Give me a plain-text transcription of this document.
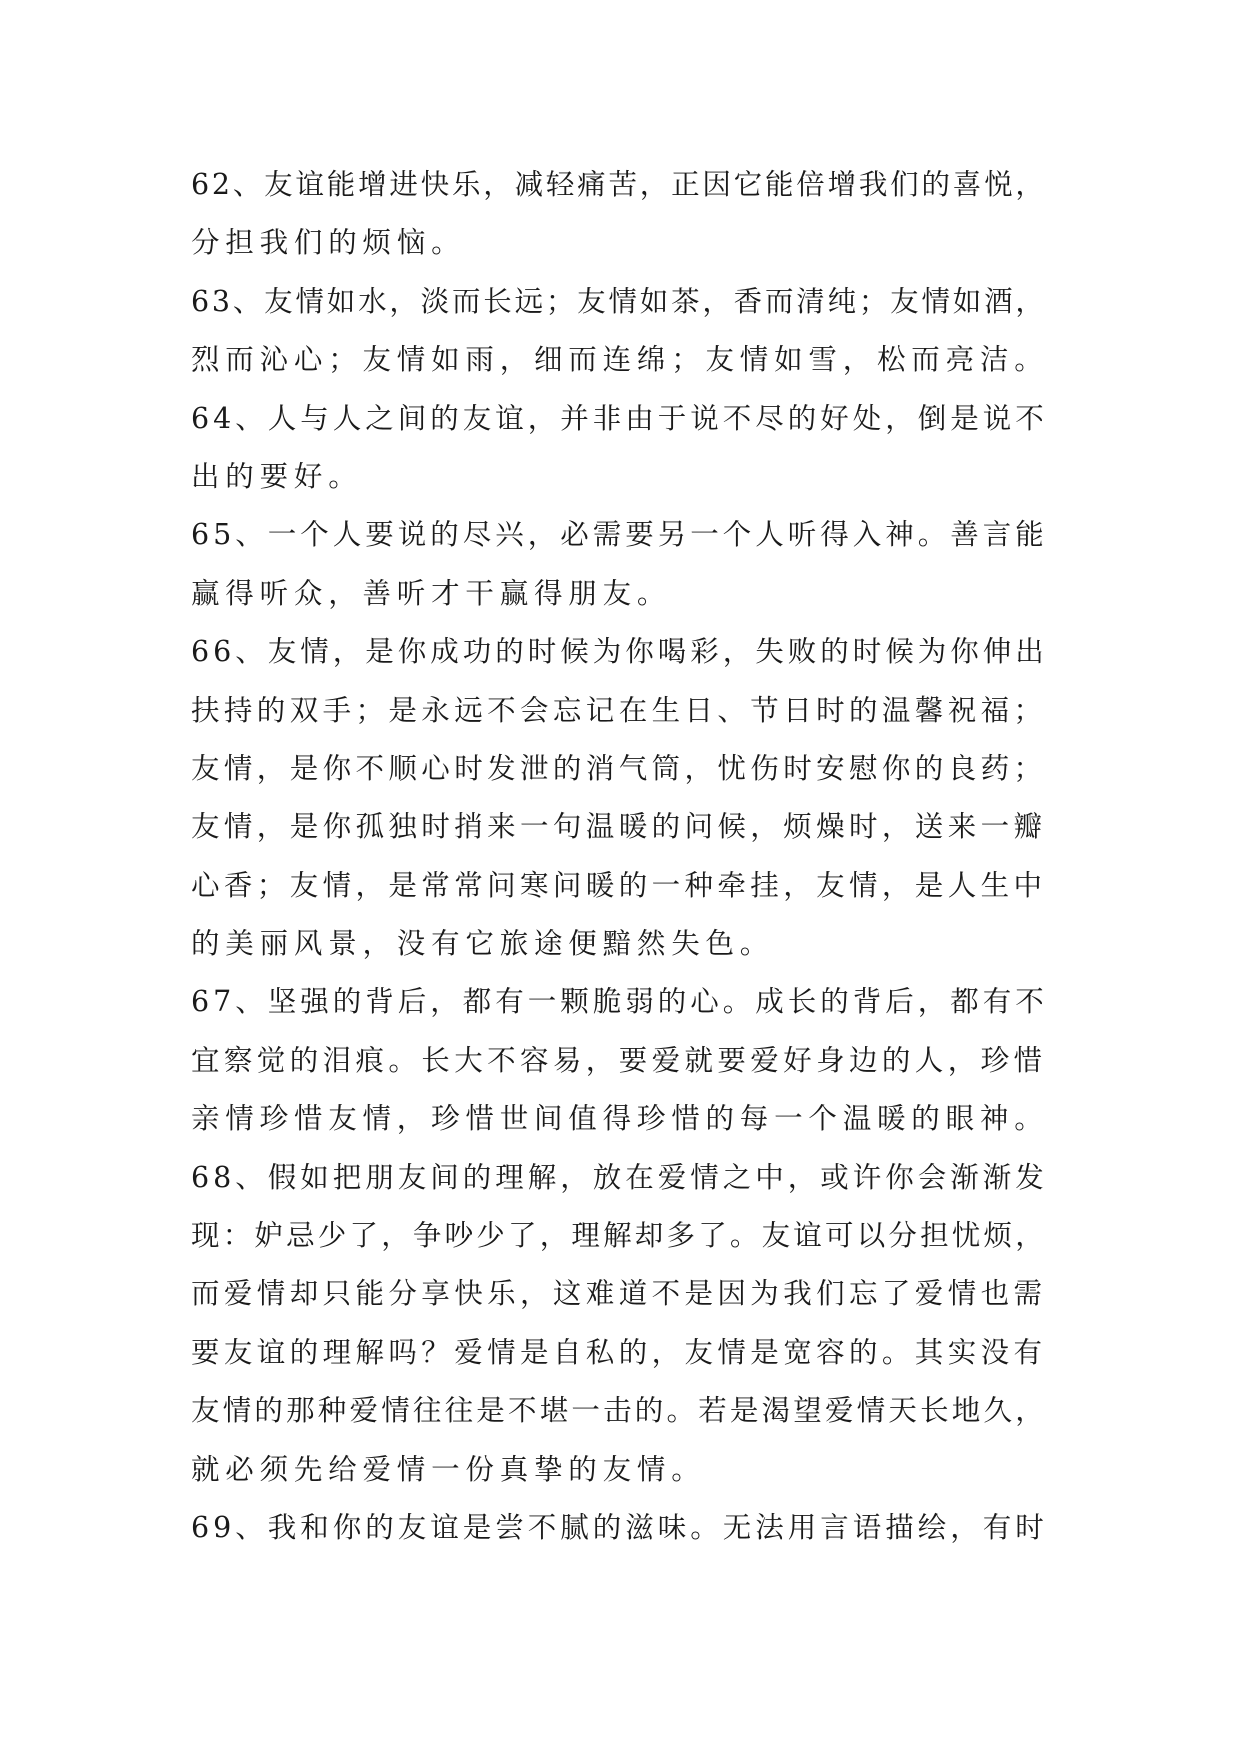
62、友谊能增进快乐，减轻痛苦，正因它能倍增我们的喜悦，
分担我们的烦恼。
63、友情如水，淡而长远；友情如茶，香而清纯；友情如酒，
烈而沁心；友情如雨，细而连绵；友情如雪，松而亮洁。
64、人与人之间的友谊，并非由于说不尽的好处，倒是说不
出的要好。
65、一个人要说的尽兴，必需要另一个人听得入神。善言能
赢得听众，善听才干赢得朋友。
66、友情，是你成功的时候为你喝彩，失败的时候为你伸出
扶持的双手；是永远不会忘记在生日、节日时的温馨祝福；
友情，是你不顺心时发泄的消气筒，忧伤时安慰你的良药；
友情，是你孤独时捎来一句温暖的问候，烦燥时，送来一瓣
心香；友情，是常常问寒问暖的一种牵挂，友情，是人生中
的美丽风景，没有它旅途便黯然失色。
67、坚强的背后，都有一颗脆弱的心。成长的背后，都有不
宜察觉的泪痕。长大不容易，要爱就要爱好身边的人，珍惜
亲情珍惜友情，珍惜世间值得珍惜的每一个温暖的眼神。
68、假如把朋友间的理解，放在爱情之中，或许你会渐渐发
现：妒忌少了，争吵少了，理解却多了。友谊可以分担忧烦，
而爱情却只能分享快乐，这难道不是因为我们忘了爱情也需
要友谊的理解吗？爱情是自私的，友情是宽容的。其实没有
友情的那种爱情往往是不堪一击的。若是渴望爱情天长地久，
就必须先给爱情一份真挚的友情。
69、我和你的友谊是尝不腻的滋味。无法用言语描绘，有时
